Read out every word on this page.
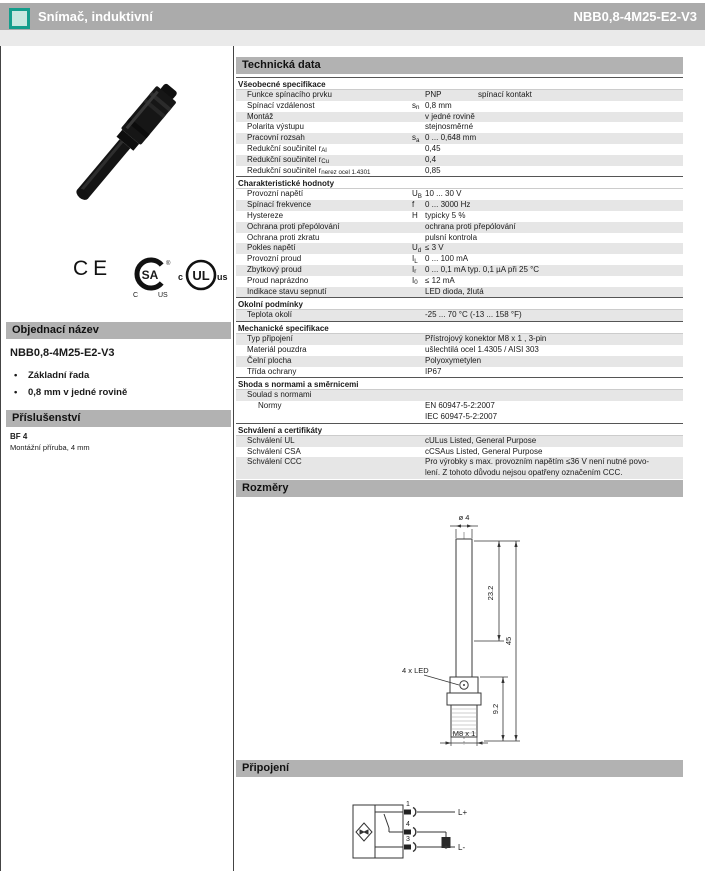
Snímač, induktivní	NBB0,8-4M25-E2-V3
CE SA
®
C	US
UL
c	us
Objednací název
NBB0,8-4M25-E2-V3
• Základní řada
• 0,8 mm v jedné rovině
Příslušenství
BF 4
Montážní příruba, 4 mm
Technická data
Všeobecné specifikace
Funkce spínacího prvku	PNP	spínací kontakt
Spínací vzdálenost	$s_n$ 0,8 mm
Montáž	v jedné rovině
Polarita výstupu	stejnosměrné
Pracovní rozsah	$s_a$ 0 ... 0,648 mm
Redukční součinitel $r_{Al}$	0,45
Redukční součinitel $r_{Cu}$	0,4
Redukční součinitel $r_{nerez ocel 1.4301}$	0,85
Charakteristické hodnoty
Provozní napětí	$U_B$ 10 ... 30 V
Spínací frekvence	f 0 ... 3000 Hz
Hystereze	H typicky 5 %
Ochrana proti přepólování	ochrana proti přepólování
Ochrana proti zkratu	pulsní kontrola
Pokles napětí	$U_d \le 3$ V
Provozní proud	$I_L$ 0 ... 100 mA
Zbytkový proud	$I_r$ 0 ... 0,1 mA typ. 0,1 µA při 25 °C
Proud naprázdno	$I_0 \le 12$ mA
Indikace stavu sepnutí	LED dioda, žlutá
Okolní podmínky
Teplota okolí	-25 ... 70 °C (-13 ... 158 °F)
Mechanické specifikace
Typ připojení	Přístrojový konektor M8 x 1 , 3-pin
Materiál pouzdra	ušlechtilá ocel 1.4305 / AISI 303
Čelní plocha	Polyoxymetylen
Třída ochrany	IP67
Shoda s normami a směrnicemi
Soulad s normami

Normy	EN 60947-5-2:2007
IEC 60947-5-2:2007
Schválení a certifikáty
Schválení UL	cULus Listed, General Purpose
Schválení CSA	cCSAus Listed, General Purpose
Schválení CCC	Pro výrobky s max. provozním napětím ≤36 V není nutné povo-
lení. Z tohoto důvodu nejsou opatřeny označením CCC.
Rozměry
ø 4
4 x LED
23.2
45
9.2
M8 x 1
Připojení
1
4
3
L+
L-
